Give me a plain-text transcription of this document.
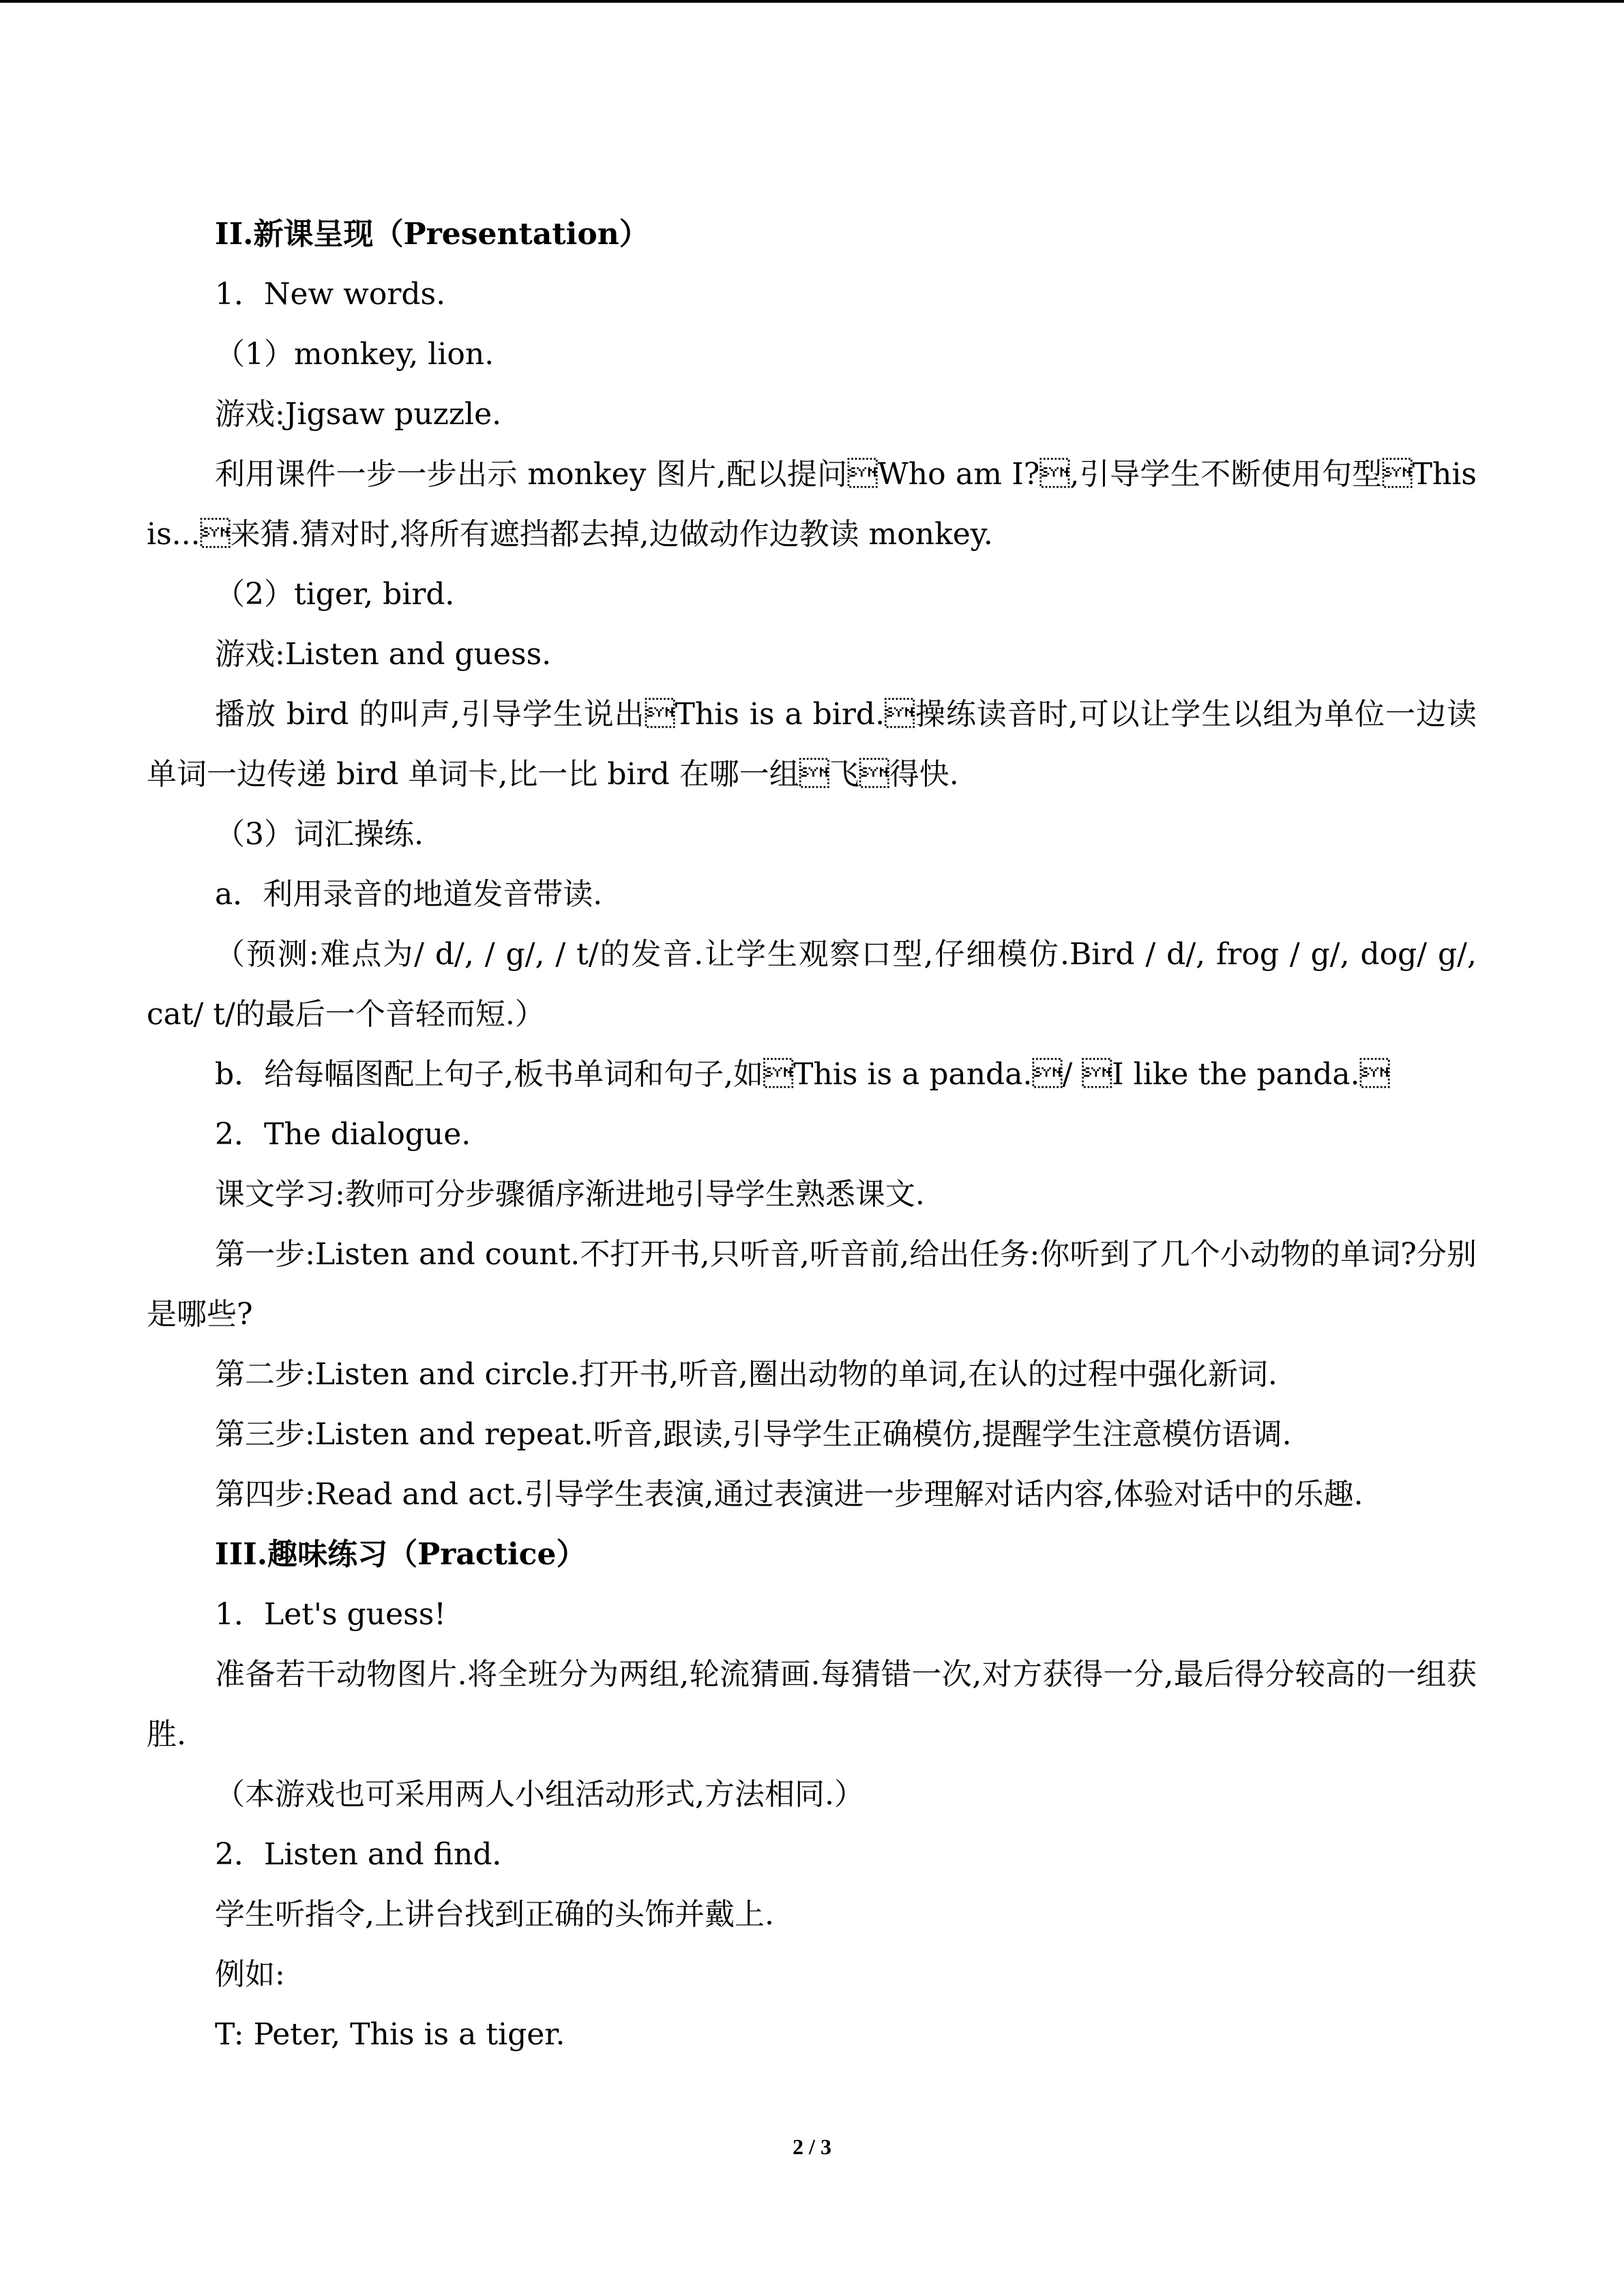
II.新课呈现（Presentation）

1．New words.

（1）monkey, lion.

游戏:Jigsaw puzzle.

利用课件一步一步出示 monkey 图片,配以提问Who am I?,引导学生不断使用句型This is...来猜.猜对时,将所有遮挡都去掉,边做动作边教读 monkey.

（2）tiger, bird．

游戏:Listen and guess.

播放 bird 的叫声,引导学生说出This is a bird.操练读音时,可以让学生以组为单位一边读单词一边传递 bird 单词卡,比一比 bird 在哪一组飞得快.

（3）词汇操练.

a．利用录音的地道发音带读.

（预测:难点为/ d/, / g/, / t/的发音.让学生观察口型,仔细模仿.Bird / d/, frog / g/, dog/ g/, cat/ t/的最后一个音轻而短.）

b．给每幅图配上句子,板书单词和句子,如This is a panda./ I like the panda.

2．The dialogue.

课文学习:教师可分步骤循序渐进地引导学生熟悉课文.

第一步:Listen and count.不打开书,只听音,听音前,给出任务:你听到了几个小动物的单词?分别是哪些?

第二步:Listen and circle.打开书,听音,圈出动物的单词,在认的过程中强化新词.

第三步:Listen and repeat.听音,跟读,引导学生正确模仿,提醒学生注意模仿语调.

第四步:Read and act.引导学生表演,通过表演进一步理解对话内容,体验对话中的乐趣.

III.趣味练习（Practice）

1．Let's guess!

准备若干动物图片.将全班分为两组,轮流猜画.每猜错一次,对方获得一分,最后得分较高的一组获胜.

（本游戏也可采用两人小组活动形式,方法相同.）

2．Listen and find．

学生听指令,上讲台找到正确的头饰并戴上.

例如:

T: Peter, This is a tiger.

2 / 3
